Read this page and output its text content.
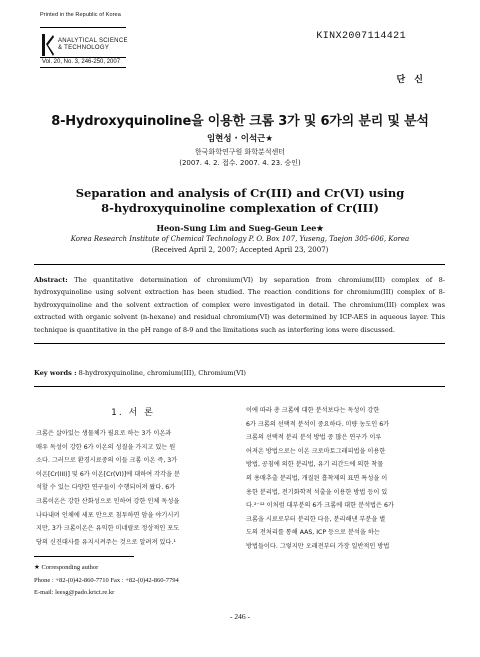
Printed in the Republic of Korea
ANALYTICAL SCIENCE
& TECHNOLOGY
Vol. 20, No. 3, 246-250, 2007
KINX2007114421
단 신
8-Hydroxyquinoline을 이용한 크롬 3가 및 6가의 분리 및 분석
임현성 · 이석근★
한국화학연구원 화학분석센터
(2007. 4. 2. 접수. 2007. 4. 23. 승인)
Separation and analysis of Cr(III) and Cr(VI) using
8-hydroxyquinoline complexation of Cr(III)
Heon-Sung Lim and Sueg-Geun Lee★
Korea Research Institute of Chemical Technology P. O. Box 107, Yuseng, Taejon 305-606, Korea
(Received April 2, 2007; Accepted April 23, 2007)
Abstract: The quantitative determination of chromium(VI) by separation from chromium(III) complex of 8-hydroxyquinoline using solvent extraction has been studied. The reaction conditions for chromium(III) complex of 8-hydroxyquinoline and the solvent extraction of complex were investigated in detail. The chromium(III) complex was extracted with organic solvent (n-hexane) and residual chromium(VI) was determined by ICP-AES in aqueous layer. This technique is quantitative in the pH range of 8-9 and the limitations such as interfering ions were discussed.
Key words : 8-hydroxyquinoline, chromium(III), Chromium(VI)
1. 서 론
크롬은 살아있는 생물체가 필요로 하는 3가 이온과
매우 독성이 강한 6가 이온의 성질을 가지고 있는 원
소다. 그러므로 환경시료중의 이들 크롬 이온 즉, 3가
이온[Cr(III)] 및 6가 이온[Cr(VI)]에 대하여 각각을 분
석할 수 있는 다양한 연구들이 수행되어져 왔다. 6가
크롬이온은 강한 산화성으로 인하여 강한 인체 독성을
나타내며 인체에 세포 안으로 침투하면 암을 야기시키
지만, 3가 크롬이온은 유익한 미네랄로 정상적인 포도
당의 신진대사를 유지시켜주는 것으로 알려져 있다.¹
이에 따라 총 크롬에 대한 분석보다는 독성이 강한
6가 크롬의 선택적 분석이 중요하다. 미량 농도인 6가
크롬의 선택적 분리 분석 방법 중 많은 연구가 이루
어져온 방법으로는 이온 크로마토그래피법을 이용한
방법, 공침에 의한 분리법, 유기 리간드에 의한 착물
의 용매추출 분리법, 개질된 흡착제의 표면 특성을 이
용한 분리법, 전기화학적 석출을 이용한 방법 등이 있
다.²⁻¹² 이처럼 대부분의 6가 크롬에 대한 분석법은 6가
크롬을 시료로부터 분리한 다음, 분리해낸 부분을 별
도의 전처리를 통해 AAS, ICP 등으로 분석을 하는
방법들이다. 그렇지만 오래전부터 가장 일반적인 방법
★ Corresponding author
Phone : +82-(0)42-860-7710 Fax : +82-(0)42-860-7794
E-mail: leesg@pado.krict.re.kr
- 246 -
